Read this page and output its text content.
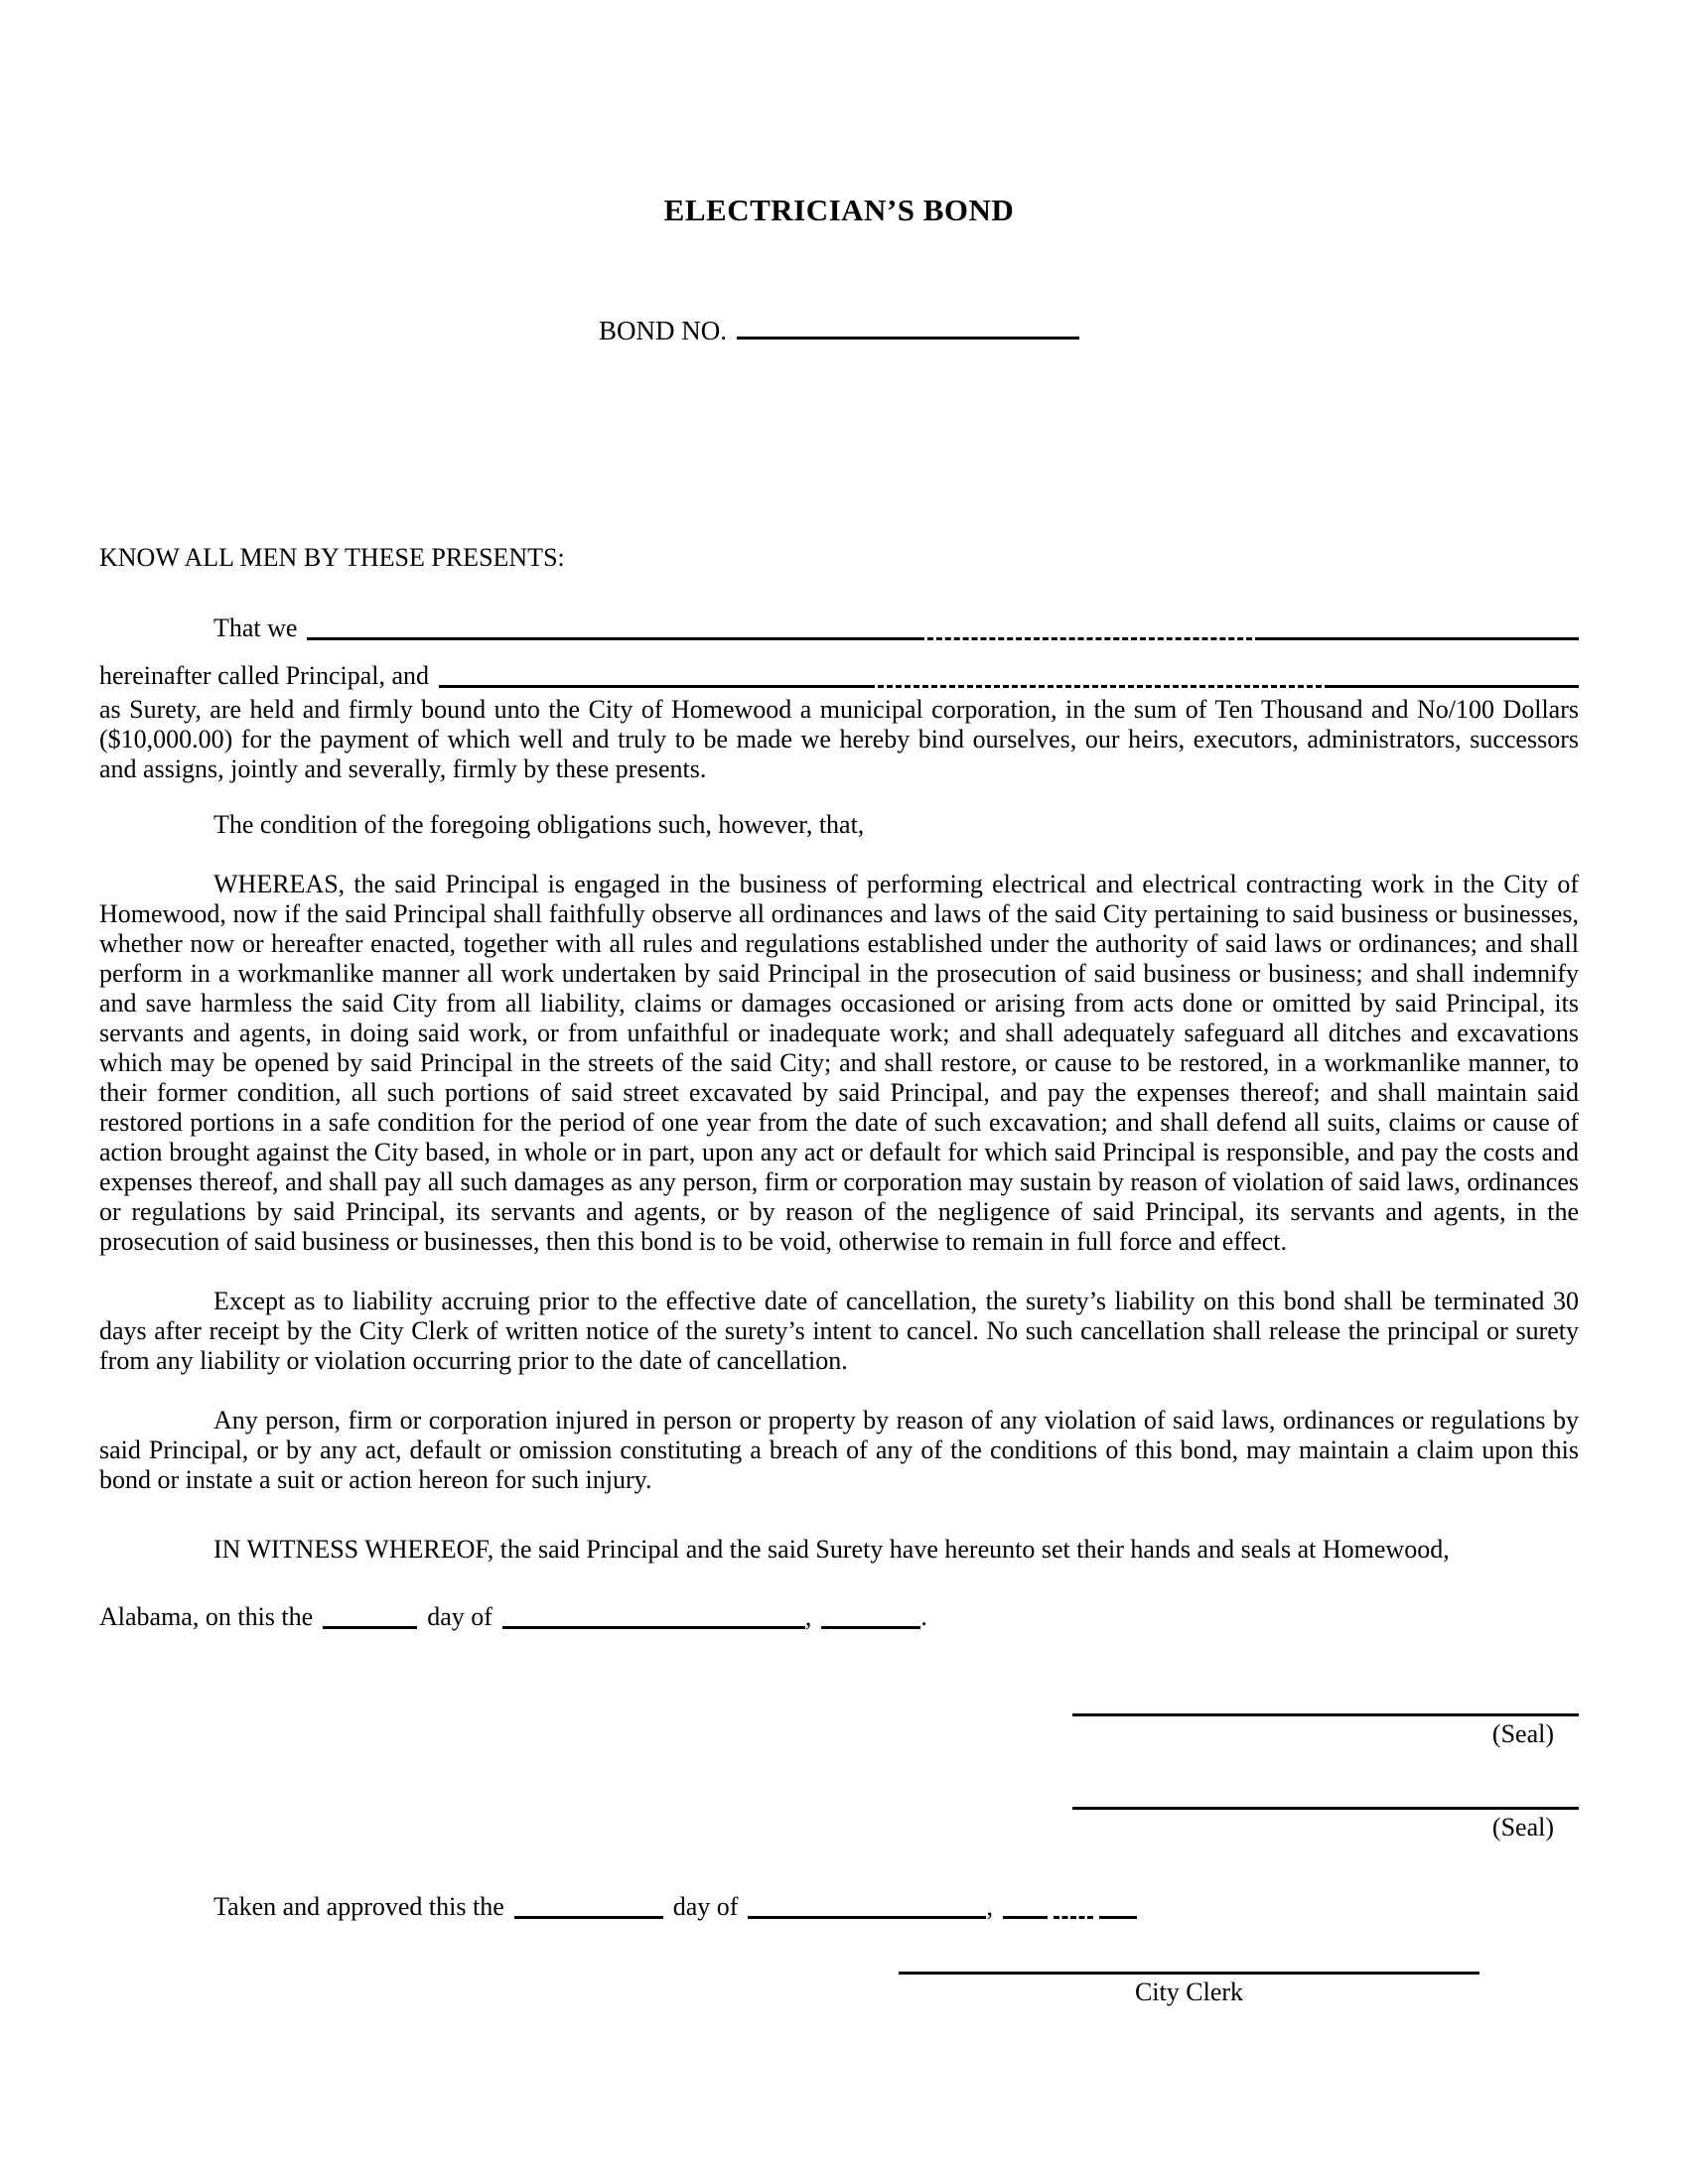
ELECTRICIAN’S BOND
BOND NO.
KNOW ALL MEN BY THESE PRESENTS:
That we
hereinafter called Principal, and
as Surety, are held and firmly bound unto the City of Homewood a municipal corporation, in the sum of Ten Thousand and No/100 Dollars ($10,000.00) for the payment of which well and truly to be made we hereby bind ourselves, our heirs, executors, administrators, successors and assigns, jointly and severally, firmly by these presents.
The condition of the foregoing obligations such, however, that,
WHEREAS, the said Principal is engaged in the business of performing electrical and electrical contracting work in the City of Homewood, now if the said Principal shall faithfully observe all ordinances and laws of the said City pertaining to said business or businesses, whether now or hereafter enacted, together with all rules and regulations established under the authority of said laws or ordinances; and shall perform in a workmanlike manner all work undertaken by said Principal in the prosecution of said business or business; and shall indemnify and save harmless the said City from all liability, claims or damages occasioned or arising from acts done or omitted by said Principal, its servants and agents, in doing said work, or from unfaithful or inadequate work; and shall adequately safeguard all ditches and excavations which may be opened by said Principal in the streets of the said City; and shall restore, or cause to be restored, in a workmanlike manner, to their former condition, all such portions of said street excavated by said Principal, and pay the expenses thereof; and shall maintain said restored portions in a safe condition for the period of one year from the date of such excavation; and shall defend all suits, claims or cause of action brought against the City based, in whole or in part, upon any act or default for which said Principal is responsible, and pay the costs and expenses thereof, and shall pay all such damages as any person, firm or corporation may sustain by reason of violation of said laws, ordinances or regulations by said Principal, its servants and agents, or by reason of the negligence of said Principal, its servants and agents, in the prosecution of said business or businesses, then this bond is to be void, otherwise to remain in full force and effect.
Except as to liability accruing prior to the effective date of cancellation, the surety’s liability on this bond shall be terminated 30 days after receipt by the City Clerk of written notice of the surety’s intent to cancel. No such cancellation shall release the principal or surety from any liability or violation occurring prior to the date of cancellation.
Any person, firm or corporation injured in person or property by reason of any violation of said laws, ordinances or regulations by said Principal, or by any act, default or omission constituting a breach of any of the conditions of this bond, may maintain a claim upon this bond or instate a suit or action hereon for such injury.
IN WITNESS WHEREOF, the said Principal and the said Surety have hereunto set their hands and seals at Homewood,
Alabama, on this the	day of	,	.
(Seal)
(Seal)
Taken and approved this the	day of	,
City Clerk
